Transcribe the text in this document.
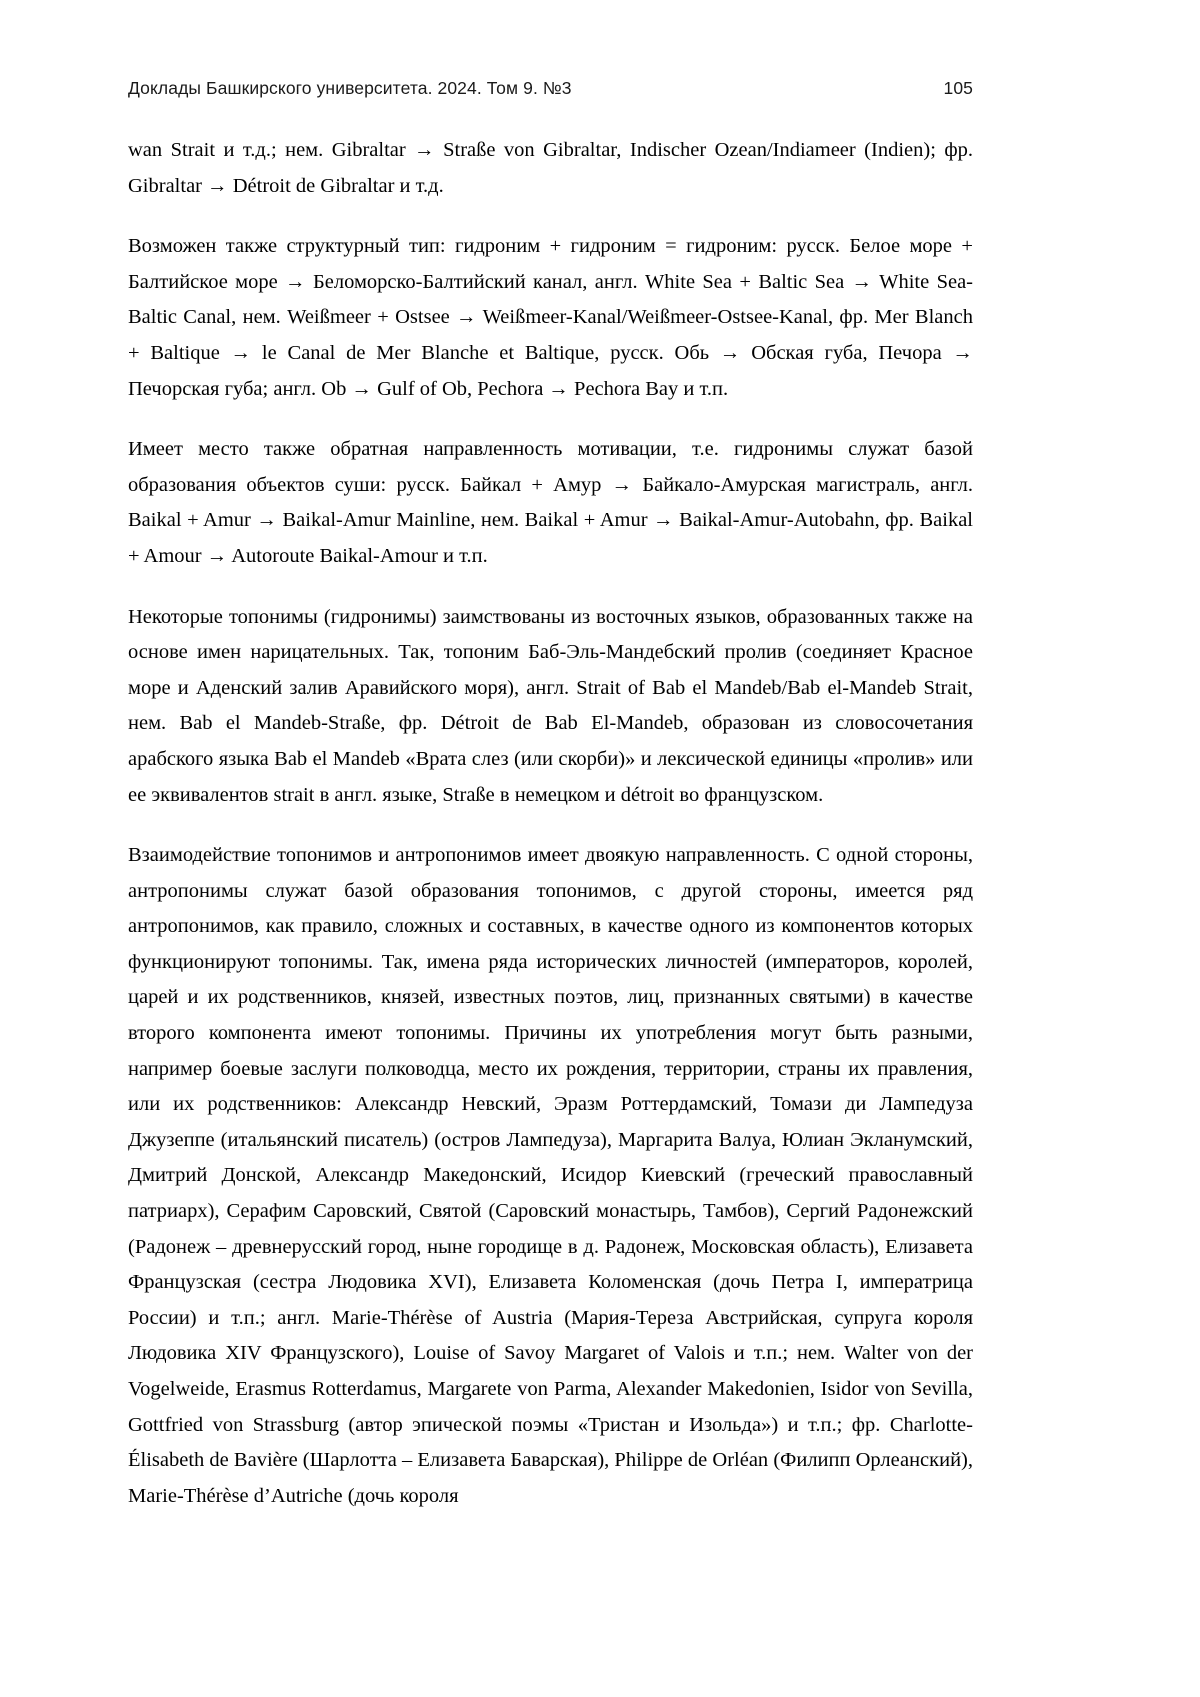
Доклады Башкирского университета. 2024. Том 9. №3	105

wan Strait и т.д.; нем. Gibraltar → Straße von Gibraltar, Indischer Ozean/Indiameer (Indien); фр. Gibraltar → Détroit de Gibraltar и т.д.

Возможен также структурный тип: гидроним + гидроним = гидроним: русск. Белое море + Балтийское море → Беломорско-Балтийский канал, англ. White Sea + Baltic Sea → White Sea-Baltic Canal, нем. Weißmeer + Ostsee → Weißmeer-Kanal/Weißmeer-Ostsee-Kanal, фр. Mer Blanch + Baltique → le Canal de Mer Blanche et Baltique, русск. Обь → Обская губа, Печора → Печорская губа; англ. Ob → Gulf of Ob, Pechora → Pechora Bay и т.п.

Имеет место также обратная направленность мотивации, т.е. гидронимы служат базой образования объектов суши: русск. Байкал + Амур → Байкало-Амурская магистраль, англ. Baikal + Amur → Baikal-Amur Mainline, нем. Baikal + Amur → Baikal-Amur-Autobahn, фр. Baikal + Amour → Autoroute Baikal-Amour и т.п.

Некоторые топонимы (гидронимы) заимствованы из восточных языков, образованных также на основе имен нарицательных. Так, топоним Баб-Эль-Мандебский пролив (соединяет Красное море и Аденский залив Аравийского моря), англ. Strait of Bab el Mandeb/Bab el-Mandeb Strait, нем. Bab el Mandeb-Straße, фр. Détroit de Bab El-Mandeb, образован из словосочетания арабского языка Bab el Mandeb «Врата слез (или скорби)» и лексической единицы «пролив» или ее эквивалентов strait в англ. языке, Straße в немецком и détroit во французском.

Взаимодействие топонимов и антропонимов имеет двоякую направленность. С одной стороны, антропонимы служат базой образования топонимов, с другой стороны, имеется ряд антропонимов, как правило, сложных и составных, в качестве одного из компонентов которых функционируют топонимы. Так, имена ряда исторических личностей (императоров, королей, царей и их родственников, князей, известных поэтов, лиц, признанных святыми) в качестве второго компонента имеют топонимы. Причины их употребления могут быть разными, например боевые заслуги полководца, место их рождения, территории, страны их правления, или их родственников: Александр Невский, Эразм Роттердамский, Томази ди Лампедуза Джузеппе (итальянский писатель) (остров Лампедуза), Маргарита Валуа, Юлиан Экланумский, Дмитрий Донской, Александр Македонский, Исидор Киевский (греческий православный патриарх), Серафим Саровский, Святой (Саровский монастырь, Тамбов), Сергий Радонежский (Радонеж – древнерусский город, ныне городище в д. Радонеж, Московская область), Елизавета Французская (сестра Людовика XVI), Елизавета Коломенская (дочь Петра I, императрица России) и т.п.; англ. Marie-Thérèse of Austria (Мария-Тереза Австрийская, супруга короля Людовика XIV Французского), Louise of Savoy Margaret of Valois и т.п.; нем. Walter von der Vogelweide, Erasmus Rotterdamus, Margarete von Parma, Alexander Makedonien, Isidor von Sevilla, Gottfried von Strassburg (автор эпической поэмы «Тристан и Изольда») и т.п.; фр. Charlotte-Élisabeth de Bavière (Шарлотта – Елизавета Баварская), Philippe de Orléan (Филипп Орлеанский), Marie-Thérèse d’Autriche (дочь короля
